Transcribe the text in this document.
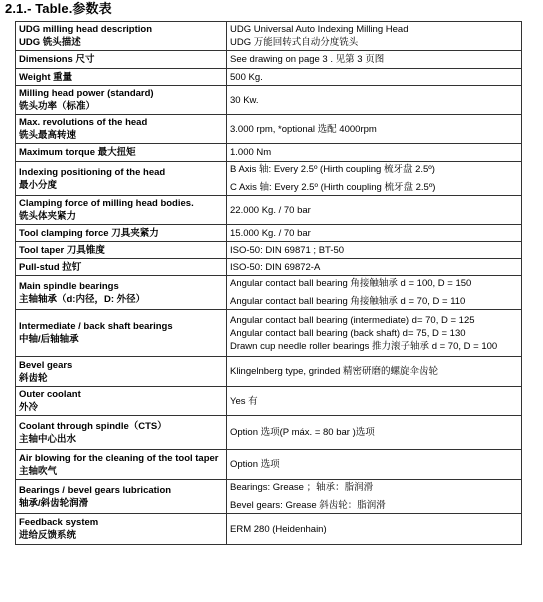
2.1.- Table.参数表
UDG milling head description
UDG 铣头描述	UDG Universal Auto Indexing Milling Head
UDG 万能回转式自动分度铣头

Dimensions 尺寸	See drawing on page 3 . 见第 3 页图

Weight 重量	500 Kg.

Milling head power (standard)
铣头功率（标准）	30 Kw.

Max. revolutions of the head
铣头最高转速	3.000 rpm, *optional 选配 4000rpm

Maximum torque 最大扭矩	1.000 Nm

Indexing positioning of the head
最小分度	B Axis 轴: Every 2.5º (Hirth coupling 梳牙盘 2.5º)
C Axis 轴: Every 2.5º (Hirth coupling 梳牙盘 2.5º)

Clamping force of milling head bodies.
铣头体夹紧力	22.000 Kg. / 70 bar

Tool clamping force 刀具夹紧力	15.000 Kg. / 70 bar

Tool taper 刀具锥度	ISO-50: DIN 69871 ; BT-50

Pull-stud 拉钉	ISO-50: DIN 69872-A

Main spindle bearings
主轴轴承（d:内径，D: 外径）	Angular contact ball bearing 角接触轴承 d = 100, D = 150
Angular contact ball bearing 角接触轴承 d = 70, D = 110

Intermediate / back shaft bearings
中轴/后轴轴承	Angular contact ball bearing (intermediate) d= 70, D = 125
Angular contact ball bearing (back shaft) d= 75, D = 130
Drawn cup needle roller bearings 推力滚子轴承 d = 70, D = 100

Bevel gears
斜齿轮	Klingelnberg type, grinded 精密研磨的螺旋伞齿轮

Outer coolant
外冷	Yes 有

Coolant through spindle（CTS）
主轴中心出水	Option 选项(P máx. = 80 bar )选项

Air blowing for the cleaning of the tool taper
主轴吹气	Option 选项

Bearings / bevel gears lubrication
轴承/斜齿轮润滑	Bearings: Grease ；轴承：脂润滑
Bevel gears: Grease 斜齿轮：脂润滑

Feedback system
进给反馈系统	ERM 280 (Heidenhain)
